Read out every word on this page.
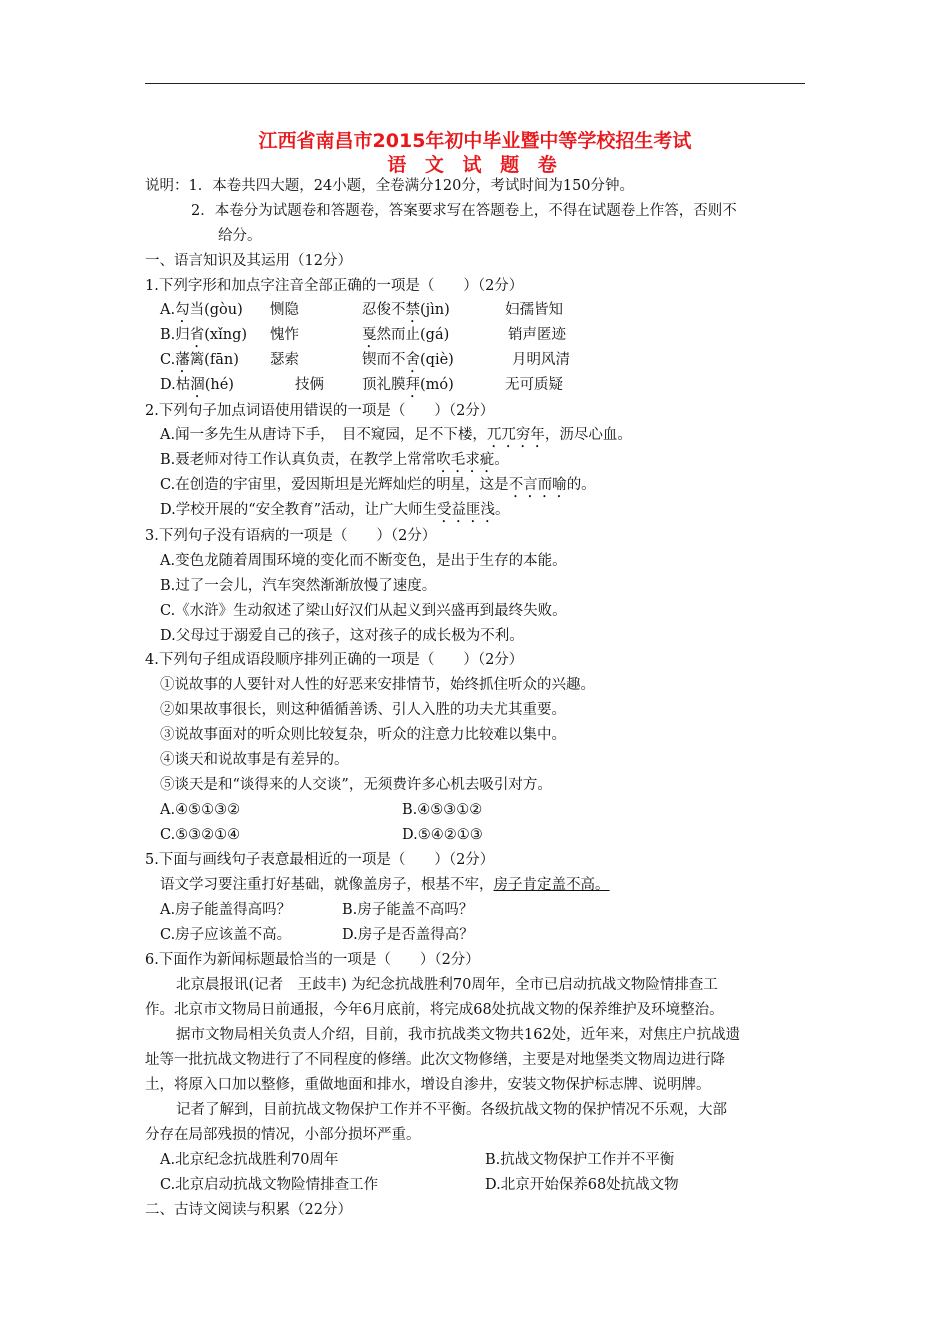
江西省南昌市2015年初中毕业暨中等学校招生考试
语 文 试 题 卷
说明：1．本卷共四大题，24小题，全卷满分120分，考试时间为150分钟。
2．本卷分为试题卷和答题卷，答案要求写在答题卷上，不得在试题卷上作答，否则不
给分。
一、语言知识及其运用（12分）
1.下列字形和加点字注音全部正确的一项是（　　）（2分）
A.勾当(gòu) 恻隐	忍俊不禁(jìn)	妇孺皆知
B.归省(xǐng) 愧怍	戛然而止(gá)	销声匿迹
C.藩篱(fān) 瑟索	锲而不舍(qiè)	月明风清
D.枯涸(hé)	技俩	顶礼膜拜(mó)	无可质疑
2.下列句子加点词语使用错误的一项是（　　）（2分）
A.闻一多先生从唐诗下手，　目不窥园，足不下楼，兀兀穷年，沥尽心血。
B.聂老师对待工作认真负责，在教学上常常吹毛求疵。
C.在创造的宇宙里，爱因斯坦是光辉灿烂的明星，这是不言而喻的。
D.学校开展的“安全教育”活动，让广大师生受益匪浅。
3.下列句子没有语病的一项是（　　）（2分）
A.变色龙随着周围环境的变化而不断变色，是出于生存的本能。
B.过了一会儿，汽车突然渐渐放慢了速度。
C.《水浒》生动叙述了梁山好汉们从起义到兴盛再到最终失败。
D.父母过于溺爱自己的孩子，这对孩子的成长极为不利。
4.下列句子组成语段顺序排列正确的一项是（　　）（2分）
①说故事的人要针对人性的好恶来安排情节，始终抓住听众的兴趣。
②如果故事很长，则这种循循善诱、引人入胜的功夫尤其重要。
③说故事面对的听众则比较复杂，听众的注意力比较难以集中。
④谈天和说故事是有差异的。
⑤谈天是和“谈得来的人交谈”，无须费许多心机去吸引对方。
A.④⑤①③②	B.④⑤③①②
C.⑤③②①④	D.⑤④②①③
5.下面与画线句子表意最相近的一项是（　　）（2分）
语文学习要注重打好基础，就像盖房子，根基不牢，房子肯定盖不高。
A.房子能盖得高吗？	B.房子能盖不高吗？
C.房子应该盖不高。	D.房子是否盖得高？
6.下面作为新闻标题最恰当的一项是（　　）（2分）
北京晨报讯(记者　王歧丰) 为纪念抗战胜利70周年，全市已启动抗战文物险情排查工
作。北京市文物局日前通报，今年6月底前，将完成68处抗战文物的保养维护及环境整治。
据市文物局相关负责人介绍，目前，我市抗战类文物共162处，近年来，对焦庄户抗战遗
址等一批抗战文物进行了不同程度的修缮。此次文物修缮，主要是对地堡类文物周边进行降
土，将原入口加以整修，重做地面和排水，增设自渗井，安装文物保护标志牌、说明牌。
记者了解到，目前抗战文物保护工作并不平衡。各级抗战文物的保护情况不乐观，大部
分存在局部残损的情况，小部分损坏严重。
A.北京纪念抗战胜利70周年	B.抗战文物保护工作并不平衡
C.北京启动抗战文物险情排查工作	D.北京开始保养68处抗战文物
二、古诗文阅读与积累（22分）
